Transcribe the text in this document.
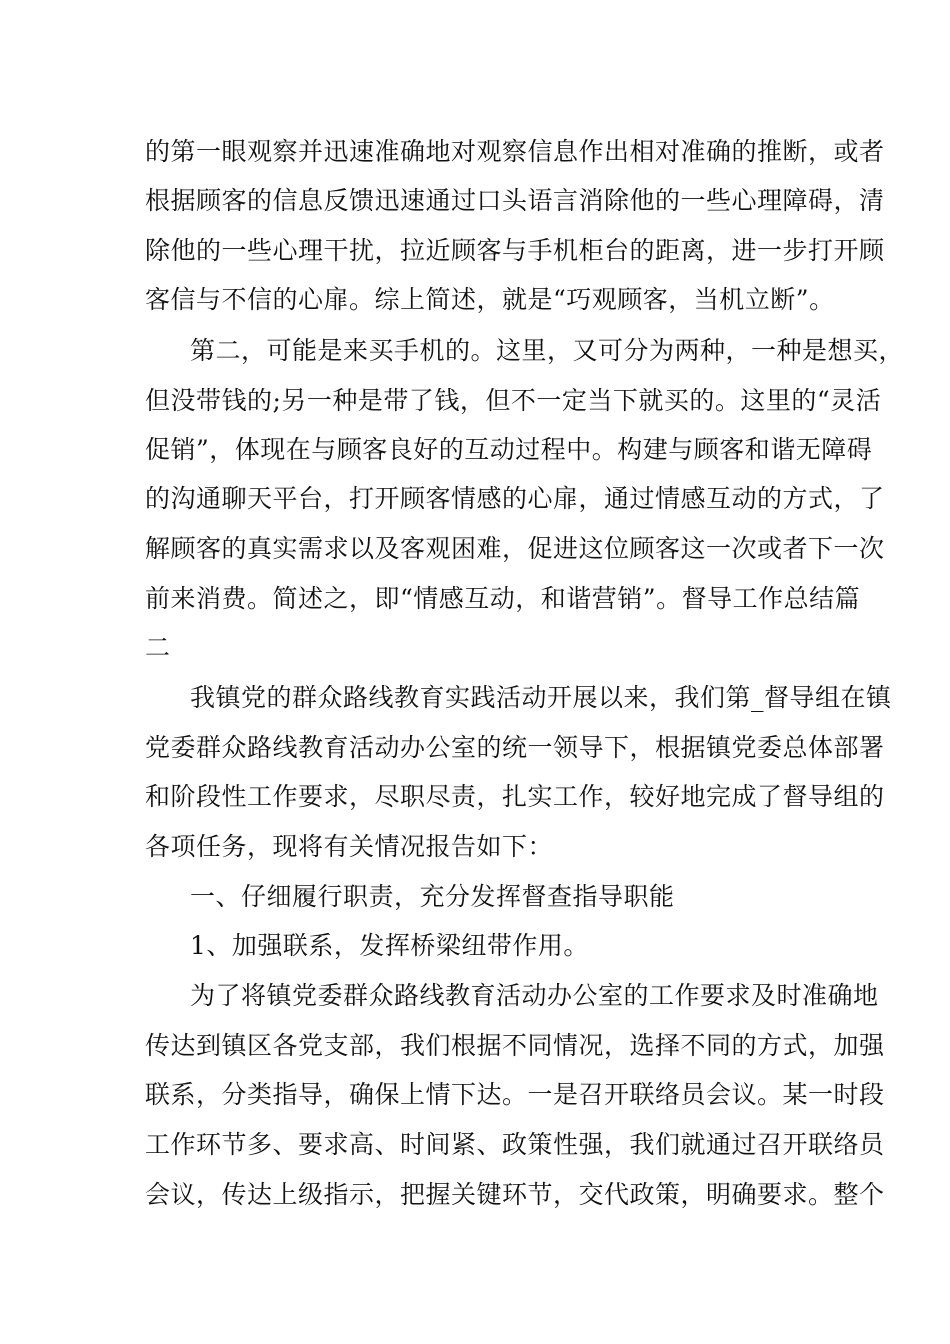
的第一眼观察并迅速准确地对观察信息作出相对准确的推断，或者
根据顾客的信息反馈迅速通过口头语言消除他的一些心理障碍，清
除他的一些心理干扰，拉近顾客与手机柜台的距离，进一步打开顾
客信与不信的心扉。综上简述，就是“巧观顾客，当机立断”。
第二，可能是来买手机的。这里，又可分为两种，一种是想买，
但没带钱的;另一种是带了钱，但不一定当下就买的。这里的“灵活
促销”，体现在与顾客良好的互动过程中。构建与顾客和谐无障碍
的沟通聊天平台，打开顾客情感的心扉，通过情感互动的方式，了
解顾客的真实需求以及客观困难，促进这位顾客这一次或者下一次
前来消费。简述之，即“情感互动，和谐营销”。督导工作总结篇
二
我镇党的群众路线教育实践活动开展以来，我们第_督导组在镇
党委群众路线教育活动办公室的统一领导下，根据镇党委总体部署
和阶段性工作要求，尽职尽责，扎实工作，较好地完成了督导组的
各项任务，现将有关情况报告如下：
一、仔细履行职责，充分发挥督查指导职能
1、加强联系，发挥桥梁纽带作用。
为了将镇党委群众路线教育活动办公室的工作要求及时准确地
传达到镇区各党支部，我们根据不同情况，选择不同的方式，加强
联系，分类指导，确保上情下达。一是召开联络员会议。某一时段
工作环节多、要求高、时间紧、政策性强，我们就通过召开联络员
会议，传达上级指示，把握关键环节，交代政策，明确要求。整个
